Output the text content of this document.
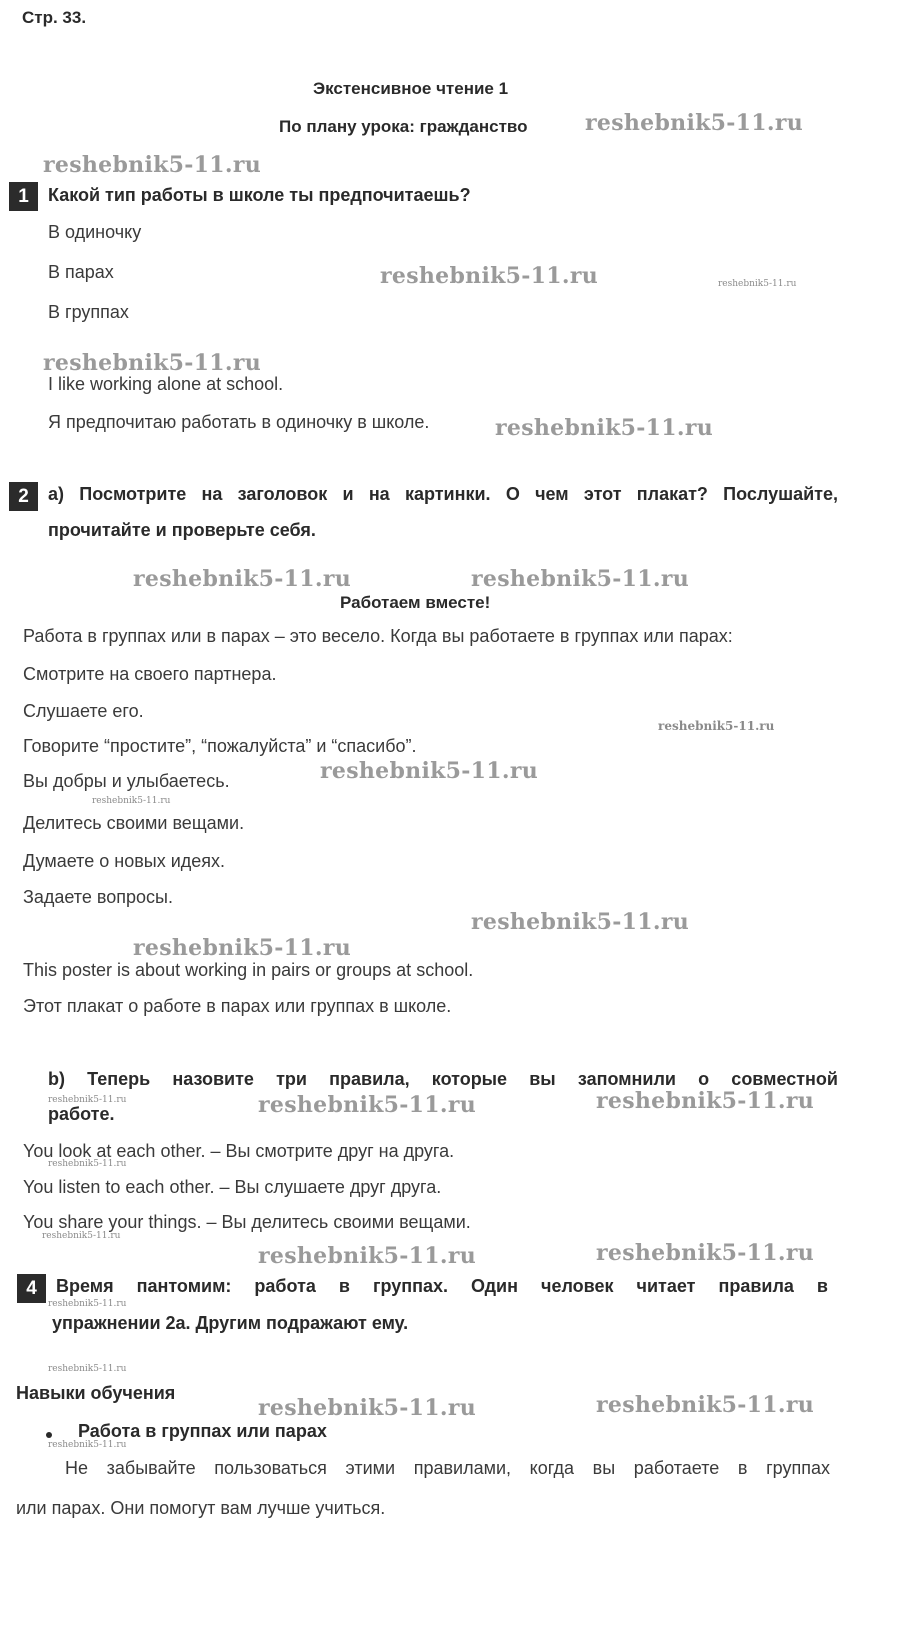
Стр. 33.
Экстенсивное чтение 1
По плану урока: гражданство
1	Какой тип работы в школе ты предпочитаешь?
В одиночку
В парах
В группах
I like working alone at school.
Я предпочитаю работать в одиночку в школе.
2	a) Посмотрите на заголовок и на картинки. О чем этот плакат? Послушайте,
прочитайте и проверьте себя.
Работаем вместе!
Работа в группах или в парах – это весело. Когда вы работаете в группах или парах:
Смотрите на своего партнера.
Слушаете его.
Говорите “простите”, “пожалуйста” и “спасибо”.
Вы добры и улыбаетесь.
Делитесь своими вещами.
Думаете о новых идеях.
Задаете вопросы.
This poster is about working in pairs or groups at school.
Этот плакат о работе в парах или группах в школе.
b) Теперь назовите три правила, которые вы запомнили о совместной
работе.
You look at each other. – Вы смотрите друг на друга.
You listen to each other. – Вы слушаете друг друга.
You share your things. – Вы делитесь своими вещами.
4	Время пантомим: работа в группах. Один человек читает правила в
упражнении 2a. Другим подражают ему.
Навыки обучения
Работа в группах или парах
Не забывайте пользоваться этими правилами, когда вы работаете в группах
или парах. Они помогут вам лучше учиться.
reshebnik5-11.ru
reshebnik5-11.ru
reshebnik5-11.ru
reshebnik5-11.ru
reshebnik5-11.ru
reshebnik5-11.ru	reshebnik5-11.ru
reshebnik5-11.ru
reshebnik5-11.ru
reshebnik5-11.ru
reshebnik5-11.ru	reshebnik5-11.ru
reshebnik5-11.ru	reshebnik5-11.ru
reshebnik5-11.ru	reshebnik5-11.ru
reshebnik5-11.ru
reshebnik5-11.ru
reshebnik5-11.ru
reshebnik5-11.ru
reshebnik5-11.ru
reshebnik5-11.ru
reshebnik5-11.ru
reshebnik5-11.ru
reshebnik5-11.ru
